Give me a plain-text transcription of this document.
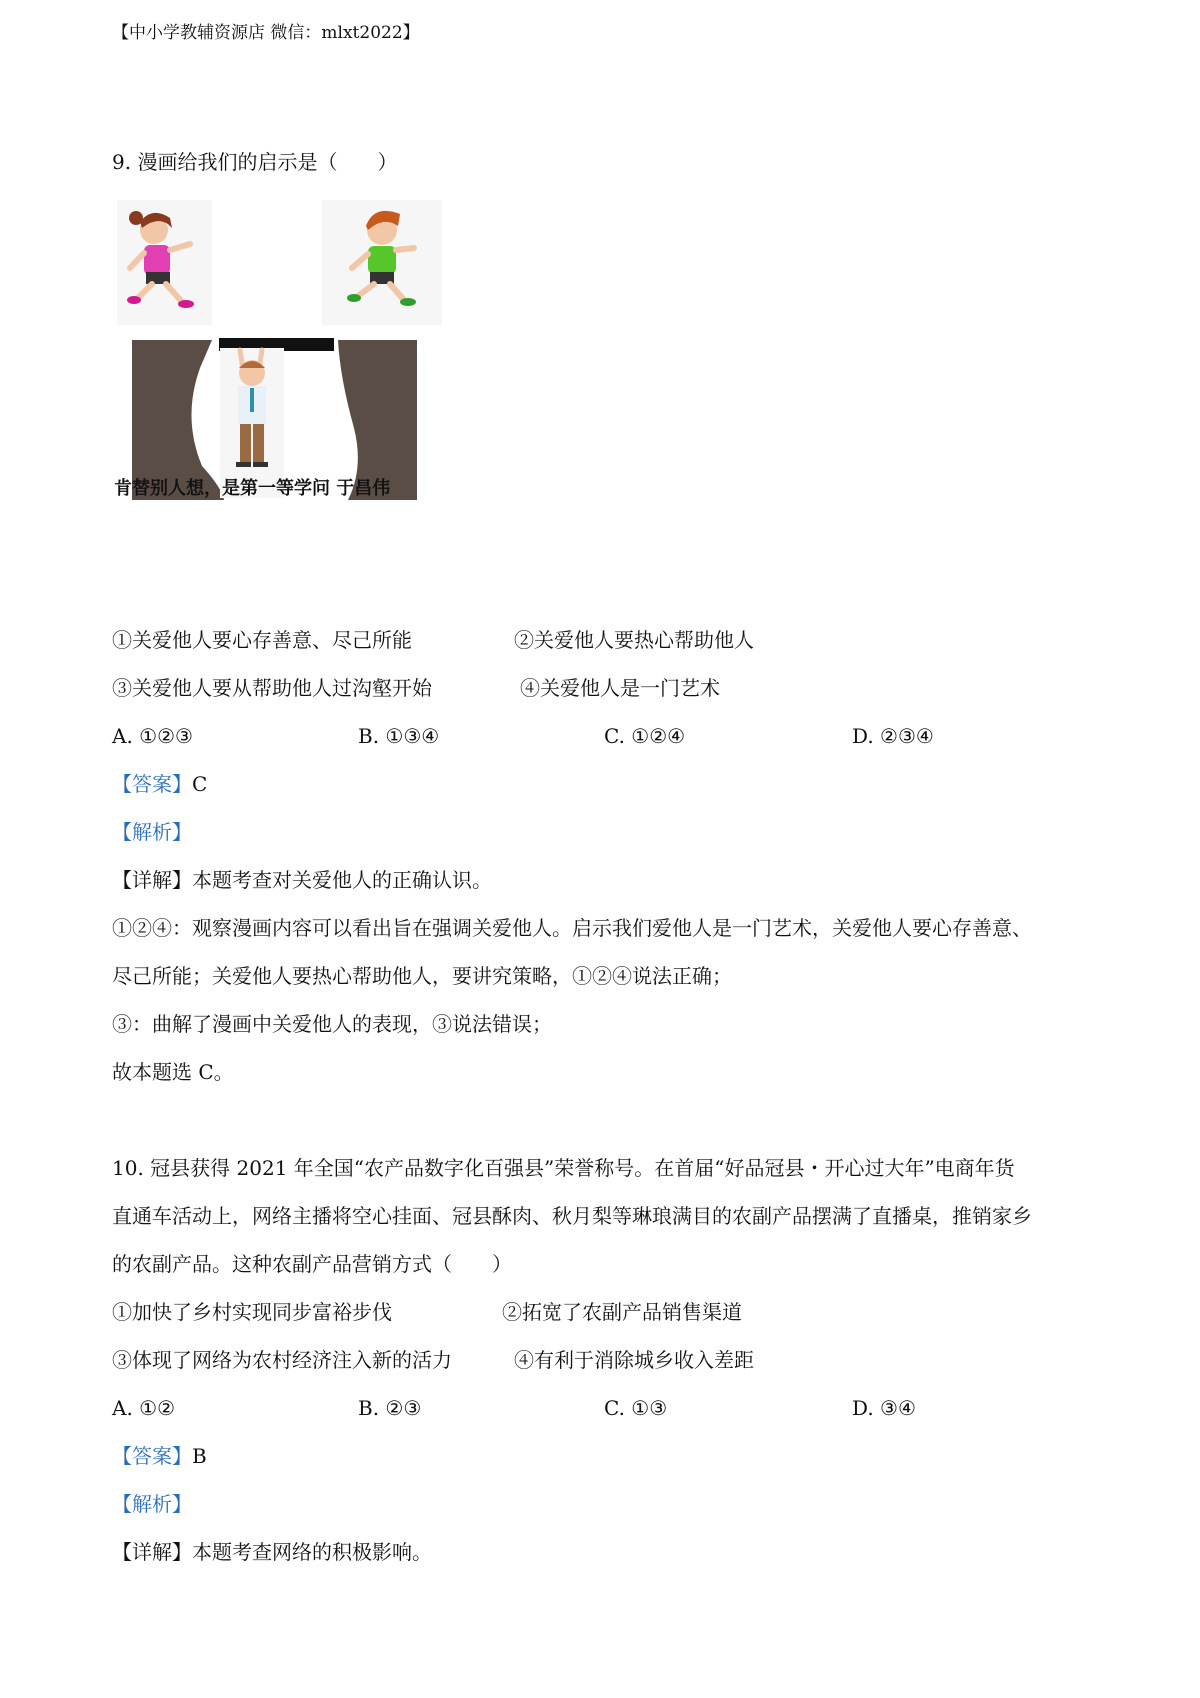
【中小学教辅资源店 微信：mlxt2022】
9. 漫画给我们的启示是（　　）
肯替别人想，是第一等学问 于昌伟
①关爱他人要心存善意、尽己所能	②关爱他人要热心帮助他人
③关爱他人要从帮助他人过沟壑开始	④关爱他人是一门艺术
A. ①②③	B. ①③④	C. ①②④	D. ②③④
【答案】C
【解析】
【详解】本题考查对关爱他人的正确认识。
①②④：观察漫画内容可以看出旨在强调关爱他人。启示我们爱他人是一门艺术，关爱他人要心存善意、
尽己所能；关爱他人要热心帮助他人，要讲究策略，①②④说法正确；
③：曲解了漫画中关爱他人的表现，③说法错误；
故本题选 C。
10. 冠县获得 2021 年全国“农产品数字化百强县”荣誉称号。在首届“好品冠县・开心过大年”电商年货
直通车活动上，网络主播将空心挂面、冠县酥肉、秋月梨等琳琅满目的农副产品摆满了直播桌，推销家乡
的农副产品。这种农副产品营销方式（　　）
①加快了乡村实现同步富裕步伐	②拓宽了农副产品销售渠道
③体现了网络为农村经济注入新的活力	④有利于消除城乡收入差距
A. ①②	B. ②③	C. ①③	D. ③④
【答案】B
【解析】
【详解】本题考查网络的积极影响。
